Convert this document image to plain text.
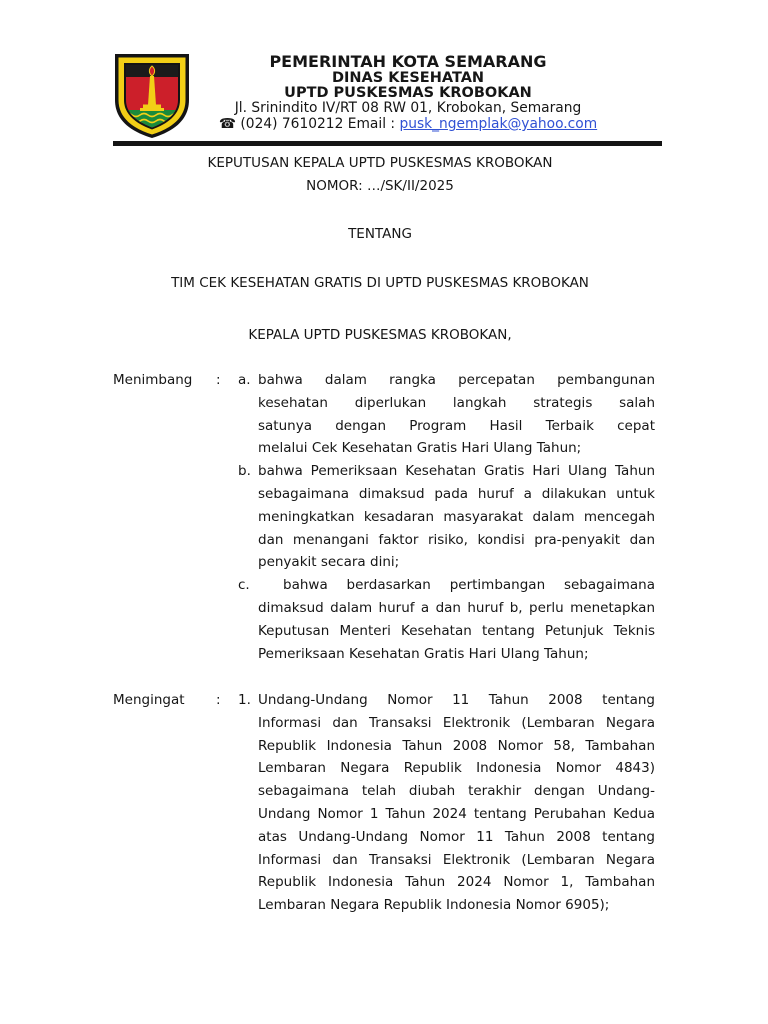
PEMERINTAH KOTA SEMARANG
DINAS KESEHATAN
UPTD PUSKESMAS KROBOKAN
Jl. Srinindito IV/RT 08 RW 01, Krobokan, Semarang
☎ (024) 7610212 Email : pusk_ngemplak@yahoo.com
KEPUTUSAN KEPALA UPTD PUSKESMAS KROBOKAN
NOMOR: …/SK/II/2025
TENTANG
TIM CEK KESEHATAN GRATIS DI UPTD PUSKESMAS KROBOKAN
KEPALA UPTD PUSKESMAS KROBOKAN,
Menimbang : a. bahwa dalam rangka percepatan pembangunan
kesehatan diperlukan langkah strategis salah
satunya dengan Program Hasil Terbaik cepat
melalui Cek Kesehatan Gratis Hari Ulang Tahun;
b. bahwa Pemeriksaan Kesehatan Gratis Hari Ulang Tahun
sebagaimana dimaksud pada huruf a dilakukan untuk
meningkatkan kesadaran masyarakat dalam mencegah
dan menangani faktor risiko, kondisi pra-penyakit dan
penyakit secara dini;
c.	bahwa berdasarkan pertimbangan sebagaimana
dimaksud dalam huruf a dan huruf b, perlu menetapkan
Keputusan Menteri Kesehatan tentang Petunjuk Teknis
Pemeriksaan Kesehatan Gratis Hari Ulang Tahun;
Mengingat : 1. Undang-Undang Nomor 11 Tahun 2008 tentang
Informasi dan Transaksi Elektronik (Lembaran Negara
Republik Indonesia Tahun 2008 Nomor 58, Tambahan
Lembaran Negara Republik Indonesia Nomor 4843)
sebagaimana telah diubah terakhir dengan Undang-
Undang Nomor 1 Tahun 2024 tentang Perubahan Kedua
atas Undang-Undang Nomor 11 Tahun 2008 tentang
Informasi dan Transaksi Elektronik (Lembaran Negara
Republik Indonesia Tahun 2024 Nomor 1, Tambahan
Lembaran Negara Republik Indonesia Nomor 6905);
